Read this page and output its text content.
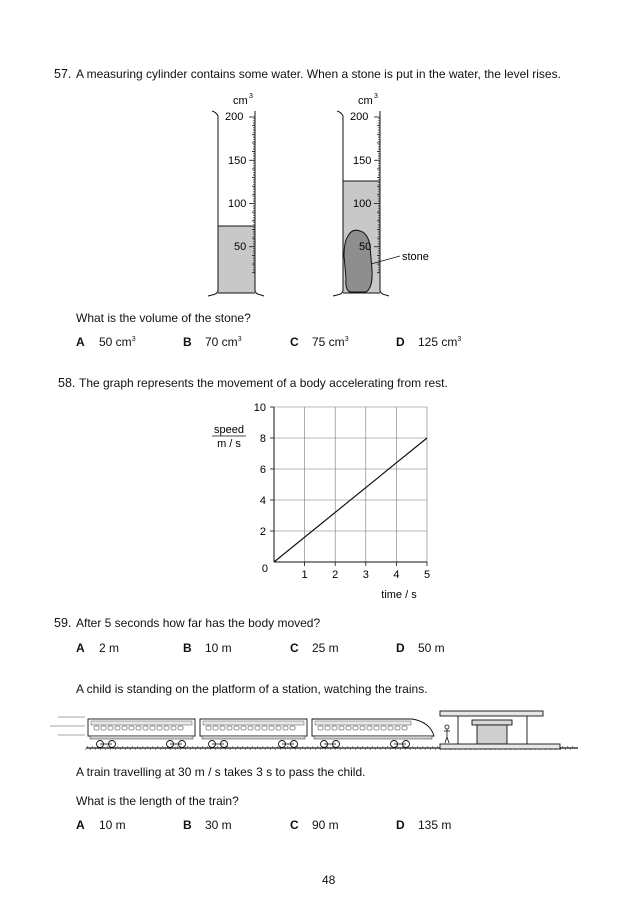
57. A measuring cylinder contains some water. When a stone is put in the water, the level rises.
cm 3
200
150
100
50
cm 3
200
150
100
50
stone
What is the volume of the stone?
A 50 $cm^3$	B 70 $cm^3$	C 75 $cm^3$	D 125 $cm^3$
58. The graph represents the movement of a body accelerating from rest.
1 2 3 4 5
2
4
6
8
10
0
speed
m / s
time / s
59. After 5 seconds how far has the body moved?
A 2 m	B 10 m	C 25 m	D 50 m
A child is standing on the platform of a station, watching the trains.
A train travelling at 30 m / s takes 3 s to pass the child.
What is the length of the train?
A 10 m	B 30 m	C 90 m	D 135 m
48
